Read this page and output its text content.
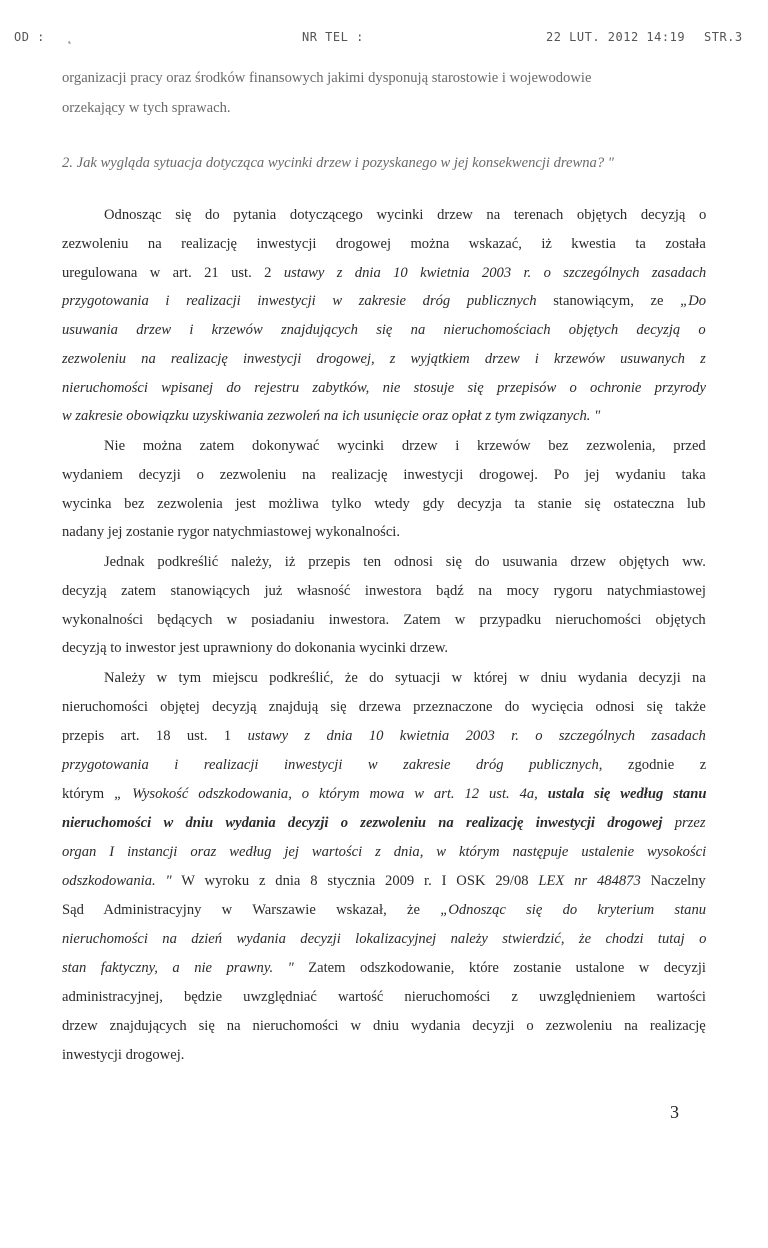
OD : ˛	NR TEL :	22 LUT. 2012 14:19 STR.3
organizacji pracy oraz środków finansowych jakimi dysponują starostowie i wojewodowie
orzekający w tych sprawach.
2. Jak wygląda sytuacja dotycząca wycinki drzew i pozyskanego w jej konsekwencji drewna? "
Odnosząc się do pytania dotyczącego wycinki drzew na terenach objętych decyzją o
zezwoleniu na realizację inwestycji drogowej można wskazać, iż kwestia ta została
uregulowana w art. 21 ust. 2 ustawy z dnia 10 kwietnia 2003 r. o szczególnych zasadach
przygotowania i realizacji inwestycji w zakresie dróg publicznych stanowiącym, ze „Do
usuwania drzew i krzewów znajdujących się na nieruchomościach objętych decyzją o
zezwoleniu na realizację inwestycji drogowej, z wyjątkiem drzew i krzewów usuwanych z
nieruchomości wpisanej do rejestru zabytków, nie stosuje się przepisów o ochronie przyrody
w zakresie obowiązku uzyskiwania zezwoleń na ich usunięcie oraz opłat z tym związanych. "
Nie można zatem dokonywać wycinki drzew i krzewów bez zezwolenia, przed
wydaniem decyzji o zezwoleniu na realizację inwestycji drogowej. Po jej wydaniu taka
wycinka bez zezwolenia jest możliwa tylko wtedy gdy decyzja ta stanie się ostateczna lub
nadany jej zostanie rygor natychmiastowej wykonalności.
Jednak podkreślić należy, iż przepis ten odnosi się do usuwania drzew objętych ww.
decyzją zatem stanowiących już własność inwestora bądź na mocy rygoru natychmiastowej
wykonalności będących w posiadaniu inwestora. Zatem w przypadku nieruchomości objętych
decyzją to inwestor jest uprawniony do dokonania wycinki drzew.
Należy w tym miejscu podkreślić, że do sytuacji w której w dniu wydania decyzji na
nieruchomości objętej decyzją znajdują się drzewa przeznaczone do wycięcia odnosi się także
przepis art. 18 ust. 1 ustawy z dnia 10 kwietnia 2003 r. o szczególnych zasadach
przygotowania i realizacji inwestycji w zakresie dróg publicznych, zgodnie z
którym „ Wysokość odszkodowania, o którym mowa w art. 12 ust. 4a, ustala się według stanu
nieruchomości w dniu wydania decyzji o zezwoleniu na realizację inwestycji drogowej przez
organ I instancji oraz według jej wartości z dnia, w którym następuje ustalenie wysokości
odszkodowania. " W wyroku z dnia 8 stycznia 2009 r. I OSK 29/08 LEX nr 484873 Naczelny
Sąd Administracyjny w Warszawie wskazał, że „Odnosząc się do kryterium stanu
nieruchomości na dzień wydania decyzji lokalizacyjnej należy stwierdzić, że chodzi tutaj o
stan faktyczny, a nie prawny. " Zatem odszkodowanie, które zostanie ustalone w decyzji
administracyjnej, będzie uwzględniać wartość nieruchomości z uwzględnieniem wartości
drzew znajdujących się na nieruchomości w dniu wydania decyzji o zezwoleniu na realizację
inwestycji drogowej.
3
